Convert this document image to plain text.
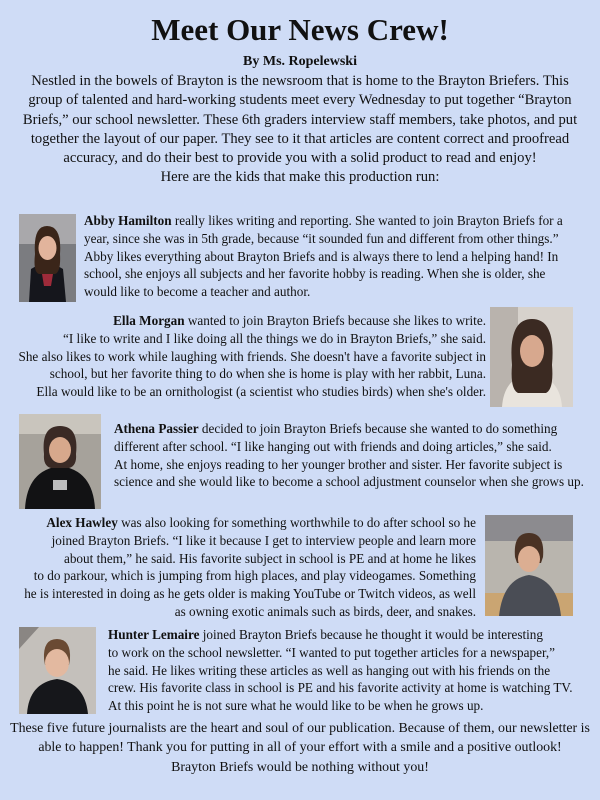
Meet Our News Crew!
By Ms. Ropelewski
Nestled in the bowels of Brayton is the newsroom that is home to the Brayton Briefers. This
group of talented and hard-working students meet every Wednesday to put together “Brayton
Briefs,” our school newsletter. These 6th graders interview staff members, take photos, and put
together the layout of our paper. They see to it that articles are content correct and proofread
accuracy, and do their best to provide you with a solid product to read and enjoy!
Here are the kids that make this production run:
Abby Hamilton really likes writing and reporting. She wanted to join Brayton Briefs for a
year, since she was in 5th grade, because “it sounded fun and different from other things.”
Abby likes everything about Brayton Briefs and is always there to lend a helping hand! In
school, she enjoys all subjects and her favorite hobby is reading. When she is older, she
would like to become a teacher and author.
Ella Morgan wanted to join Brayton Briefs because she likes to write.
“I like to write and I like doing all the things we do in Brayton Briefs,” she said.
She also likes to work while laughing with friends. She doesn't have a favorite subject in
school, but her favorite thing to do when she is home is play with her rabbit, Luna.
Ella would like to be an ornithologist (a scientist who studies birds) when she's older.
Athena Passier decided to join Brayton Briefs because she wanted to do something
different after school. “I like hanging out with friends and doing articles,” she said.
At home, she enjoys reading to her younger brother and sister. Her favorite subject is
science and she would like to become a school adjustment counselor when she grows up.
Alex Hawley was also looking for something worthwhile to do after school so he
joined Brayton Briefs. “I like it because I get to interview people and learn more
about them,” he said. His favorite subject in school is PE and at home he likes
to do parkour, which is jumping from high places, and play videogames. Something
he is interested in doing as he gets older is making YouTube or Twitch videos, as well
as owning exotic animals such as birds, deer, and snakes.
Hunter Lemaire joined Brayton Briefs because he thought it would be interesting
to work on the school newsletter. “I wanted to put together articles for a newspaper,”
he said. He likes writing these articles as well as hanging out with his friends on the
crew. His favorite class in school is PE and his favorite activity at home is watching TV.
At this point he is not sure what he would like to be when he grows up.
These five future journalists are the heart and soul of our publication. Because of them, our newsletter is
able to happen! Thank you for putting in all of your effort with a smile and a positive outlook!
Brayton Briefs would be nothing without you!
